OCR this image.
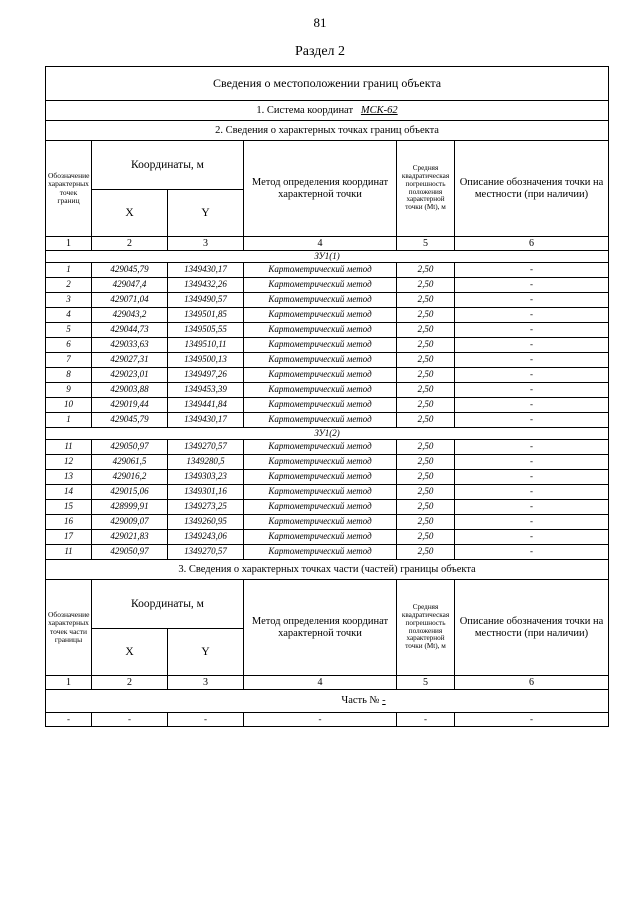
81
Раздел 2
Сведения о местоположении границ объекта					
1. Система координат МСК-62					
2. Сведения о характерных точках границ объекта					
Обозначение характерных точек границ	Координаты, м		Метод определения координат характерной точки	Средняя квадратическая погрешность положения характерной точки (Mt), м	Описание обозначения точки на местности (при наличии)
	X	Y			
1	2	3	4	5	6
ЗУ1(1)					
1	429045,79	1349430,17	Картометрический метод	2,50	-
2	429047,4	1349432,26	Картометрический метод	2,50	-
3	429071,04	1349490,57	Картометрический метод	2,50	-
4	429043,2	1349501,85	Картометрический метод	2,50	-
5	429044,73	1349505,55	Картометрический метод	2,50	-
6	429033,63	1349510,11	Картометрический метод	2,50	-
7	429027,31	1349500,13	Картометрический метод	2,50	-
8	429023,01	1349497,26	Картометрический метод	2,50	-
9	429003,88	1349453,39	Картометрический метод	2,50	-
10	429019,44	1349441,84	Картометрический метод	2,50	-
1	429045,79	1349430,17	Картометрический метод	2,50	-
ЗУ1(2)					
11	429050,97	1349270,57	Картометрический метод	2,50	-
12	429061,5	1349280,5	Картометрический метод	2,50	-
13	429016,2	1349303,23	Картометрический метод	2,50	-
14	429015,06	1349301,16	Картометрический метод	2,50	-
15	428999,91	1349273,25	Картометрический метод	2,50	-
16	429009,07	1349260,95	Картометрический метод	2,50	-
17	429021,83	1349243,06	Картометрический метод	2,50	-
11	429050,97	1349270,57	Картометрический метод	2,50	-
3. Сведения о характерных точках части (частей) границы объекта					
Обозначение характерных точек части границы	Координаты, м		Метод определения координат характерной точки	Средняя квадратическая погрешность положения характерной точки (Mt), м	Описание обозначения точки на местности (при наличии)
	X	Y			
1	2	3	4	5	6
Часть № -					
-	-	-	-	-	-
